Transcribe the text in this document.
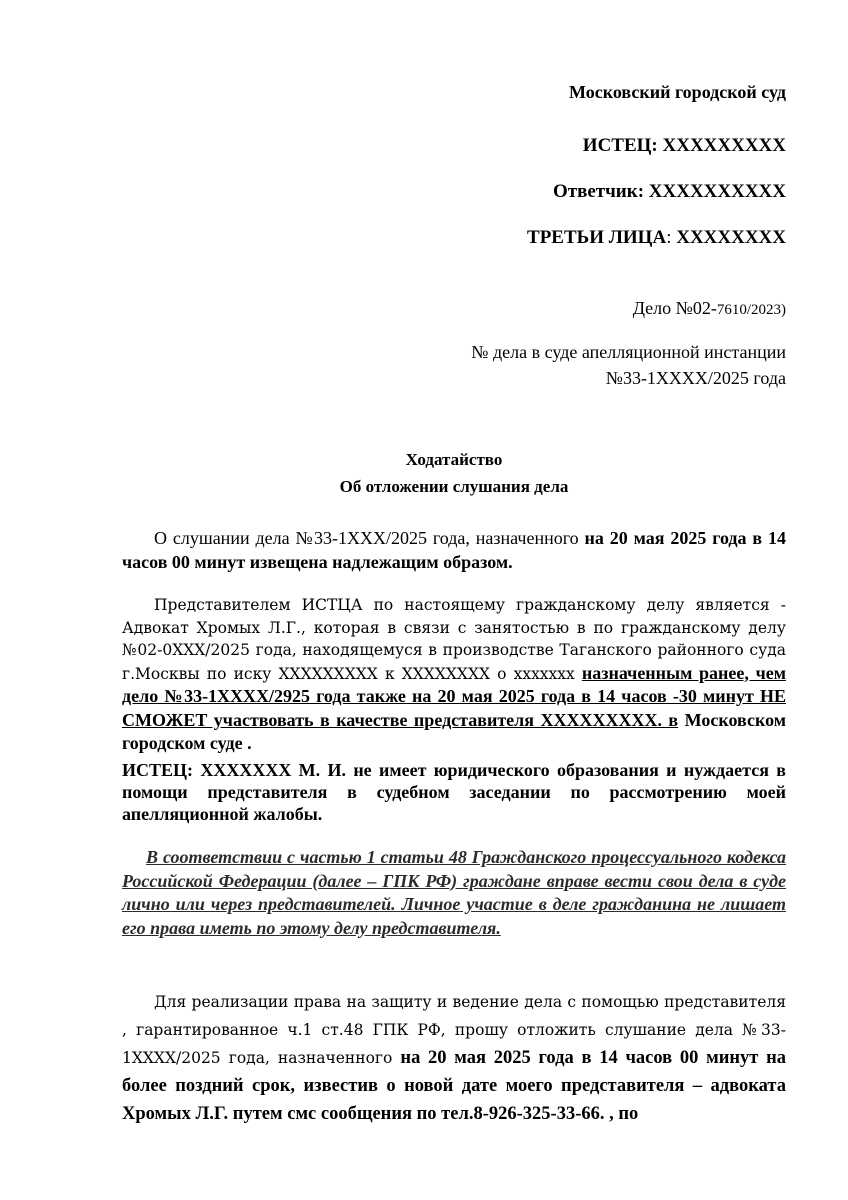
Московский городской суд
ИСТЕЦ: XXXXXXXXX
Ответчик: XXXXXXXXXX
ТРЕТЬИ ЛИЦА: XXXXXXXX
Дело №02-7610/2023)
№ дела в суде апелляционной инстанции
№33-1XXXX/2025 года
Ходатайство
Об отложении слушания дела
О слушании дела №33-1XXX/2025 года, назначенного на 20 мая 2025 года в 14 часов 00 минут извещена надлежащим образом.
Представителем ИСТЦА по настоящему гражданскому делу является - Адвокат Хромых Л.Г., которая в связи с занятостью в по гражданскому делу №02-0XXX/2025 года, находящемуся в производстве Таганского районного суда г.Москвы по иску XXXXXXXXX к XXXXXXXX о xxxxxxx назначенным ранее, чем дело №33-1XXXX/2925 года также на 20 мая 2025 года в 14 часов -30 минут НЕ СМОЖЕТ участвовать в качестве представителя XXXXXXXXX. в Московском городском суде .
ИСТЕЦ: XXXXXXX М. И. не имеет юридического образования и нуждается в помощи представителя в судебном заседании по рассмотрению моей апелляционной жалобы.
В соответствии с частью 1 статьи 48 Гражданского процессуального кодекса Российской Федерации (далее – ГПК РФ) граждане вправе вести свои дела в суде лично или через представителей. Личное участие в деле гражданина не лишает его права иметь по этому делу представителя.
Для реализации права на защиту и ведение дела с помощью представителя , гарантированное ч.1 ст.48 ГПК РФ, прошу отложить слушание дела №33-1XXXX/2025 года, назначенного на 20 мая 2025 года в 14 часов 00 минут на более поздний срок, известив о новой дате моего представителя – адвоката Хромых Л.Г. путем смс сообщения по тел.8-926-325-33-66. , по
